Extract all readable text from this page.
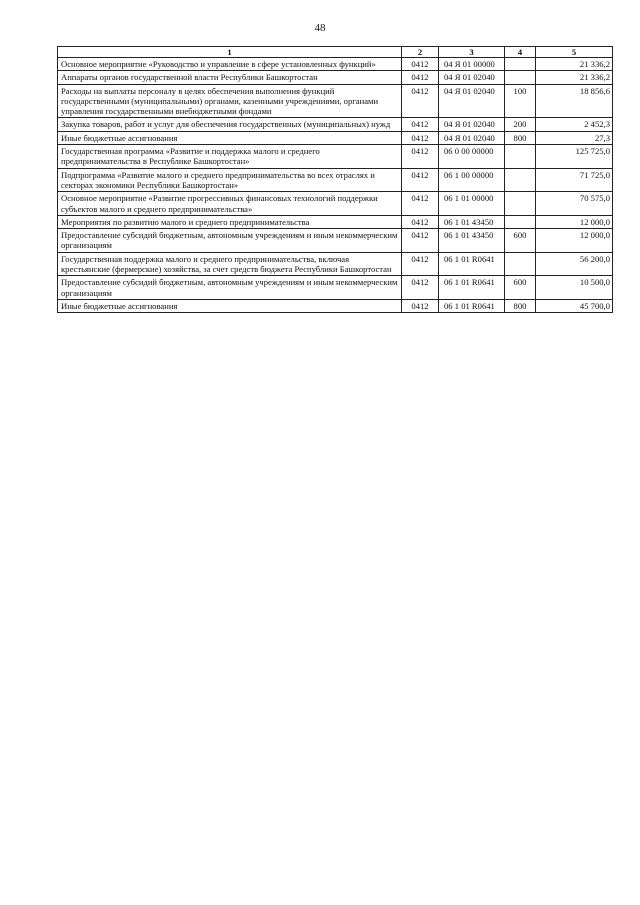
48
1	2	3	4	5
Основное мероприятие «Руководство и управление в сфере установленных функций»	0412	04 Я 01 00000		21 336,2
Аппараты органов государственной власти Республики Башкортостан	0412	04 Я 01 02040		21 336,2
Расходы на выплаты персоналу в целях обеспечения выполнения функций государственными (муниципальными) органами, казенными учреждениями, органами управления государственными внебюджетными фондами	0412	04 Я 01 02040	100	18 856,6
Закупка товаров, работ и услуг для обеспечения государственных (муниципальных) нужд	0412	04 Я 01 02040	200	2 452,3
Иные бюджетные ассигнования	0412	04 Я 01 02040	800	27,3
Государственная программа «Развитие и поддержка малого и среднего предпринимательства в Республике Башкортостан»	0412	06 0 00 00000		125 725,0
Подпрограмма «Развитие малого и среднего предпринимательства во всех отраслях и секторах экономики Республики Башкортостан»	0412	06 1 00 00000		71 725,0
Основное мероприятие «Развитие прогрессивных финансовых технологий поддержки субъектов малого и среднего предпринимательства»	0412	06 1 01 00000		70 575,0
Мероприятия по развитию малого и среднего предпринимательства	0412	06 1 01 43450		12 000,0
Предоставление субсидий бюджетным, автономным учреждениям и иным некоммерческим организациям	0412	06 1 01 43450	600	12 000,0
Государственная поддержка малого и среднего предпринимательства, включая крестьянские (фермерские) хозяйства, за счет средств бюджета Республики Башкортостан	0412	06 1 01 R0641		56 200,0
Предоставление субсидий бюджетным, автономным учреждениям и иным некоммерческим организациям	0412	06 1 01 R0641	600	10 500,0
Иные бюджетные ассигнования	0412	06 1 01 R0641	800	45 700,0
